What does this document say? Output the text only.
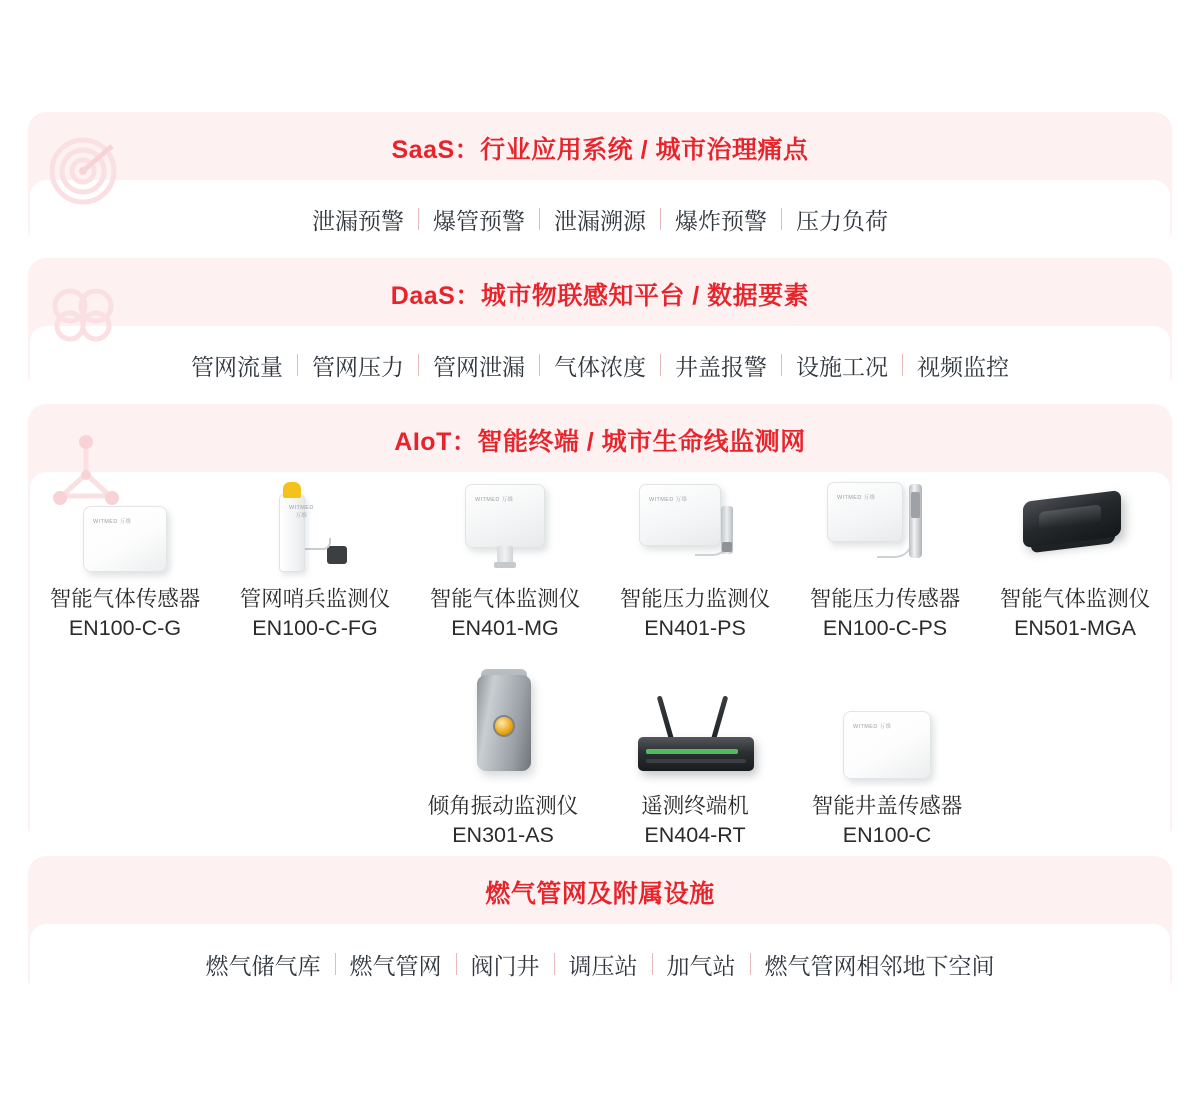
SaaS：行业应用系统 / 城市治理痛点
泄漏预警	爆管预警	泄漏溯源	爆炸预警	压力负荷
DaaS：城市物联感知平台 / 数据要素
管网流量	管网压力	管网泄漏	气体浓度	井盖报警	设施工况	视频监控
AIoT：智能终端 / 城市生命线监测网
WITMED 万维
智能气体传感器
EN100-C-G
WITMED 万维
管网哨兵监测仪
EN100-C-FG
WITMED 万维
智能气体监测仪
EN401-MG
WITMED 万维
智能压力监测仪
EN401-PS
WITMED 万维
智能压力传感器
EN100-C-PS
智能气体监测仪
EN501-MGA
倾角振动监测仪
EN301-AS
遥测终端机
EN404-RT
WITMED 万维
智能井盖传感器
EN100-C
燃气管网及附属设施
燃气储气库	燃气管网	阀门井	调压站	加气站	燃气管网相邻地下空间
